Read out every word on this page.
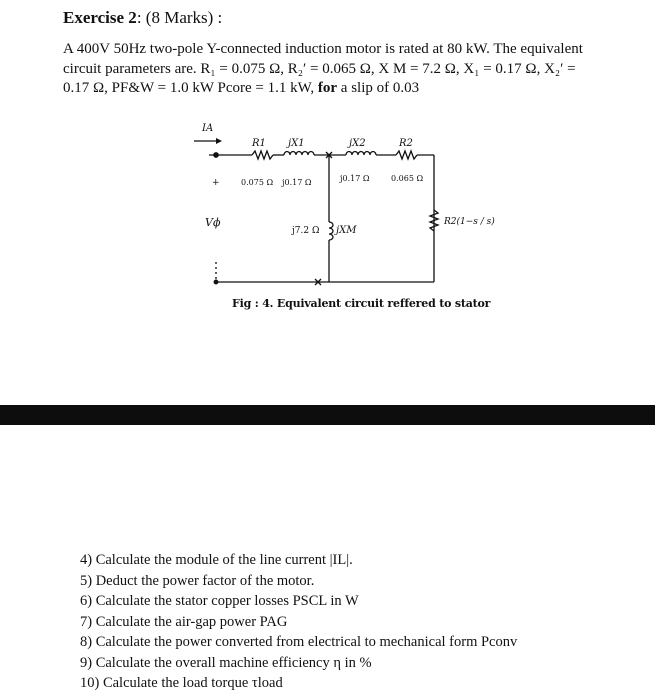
Exercise 2: (8 Marks) :
A 400V 50Hz two-pole Y-connected induction motor is rated at 80 kW. The equivalent
circuit parameters are. R₁ = 0.075 Ω, R₂′ = 0.065 Ω, X M = 7.2 Ω, X₁ = 0.17 Ω, X₂′ =
0.17 Ω, PF&W = 1.0 kW Pcore = 1.1 kW, for a slip of 0.03
IA
R1 jX1	jX2	R2
0.075 Ω j0.17 Ω	j0.17 Ω	0.065 Ω
+
Vϕ
j7.2 Ω jXM
R2(1−s / s)
Fig : 4. Equivalent circuit reffered to stator
4) Calculate the module of the line current |IL|.
5) Deduct the power factor of the motor.
6) Calculate the stator copper losses PSCL in W
7) Calculate the air-gap power PAG
8) Calculate the power converted from electrical to mechanical form Pconv
9) Calculate the overall machine efficiency η in %
10) Calculate the load torque τload
